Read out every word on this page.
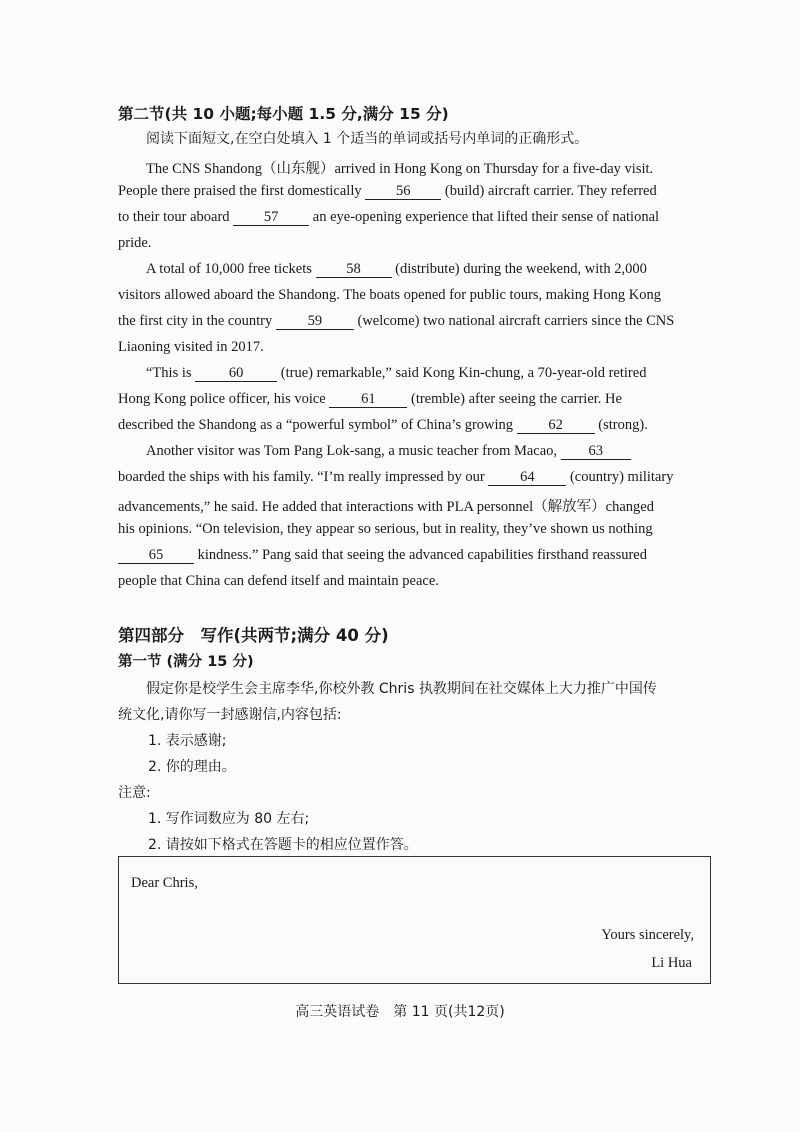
第二节(共 10 小题;每小题 1.5 分,满分 15 分)
阅读下面短文,在空白处填入 1 个适当的单词或括号内单词的正确形式。
The CNS Shandong（山东舰）arrived in Hong Kong on Thursday for a five-day visit.
People there praised the first domestically 56 (build) aircraft carrier. They referred
to their tour aboard 57 an eye-opening experience that lifted their sense of national
pride.
A total of 10,000 free tickets 58 (distribute) during the weekend, with 2,000
visitors allowed aboard the Shandong. The boats opened for public tours, making Hong Kong
the first city in the country 59 (welcome) two national aircraft carriers since the CNS
Liaoning visited in 2017.
“This is	60	(true) remarkable,” said Kong Kin-chung, a 70-year-old retired
Hong Kong police officer, his voice 61 (tremble) after seeing the carrier. He
described the Shandong as a “powerful symbol” of China’s growing 62 (strong).
Another visitor was Tom Pang Lok-sang, a music teacher from Macao, 63
boarded the ships with his family. “I’m really impressed by our 64 (country) military
advancements,” he said. He added that interactions with PLA personnel（解放军）changed
his opinions. “On television, they appear so serious, but in reality, they’ve shown us nothing
65 kindness.” Pang said that seeing the advanced capabilities firsthand reassured
people that China can defend itself and maintain peace.
第四部分　写作(共两节;满分 40 分)
第一节 (满分 15 分)
假定你是校学生会主席李华,你校外教 Chris 执教期间在社交媒体上大力推广中国传
统文化,请你写一封感谢信,内容包括:
1. 表示感谢;
2. 你的理由。
注意:
1. 写作词数应为 80 左右;
2. 请按如下格式在答题卡的相应位置作答。
Dear Chris,
Yours sincerely,
Li Hua
高三英语试卷　第 11 页(共12页)
